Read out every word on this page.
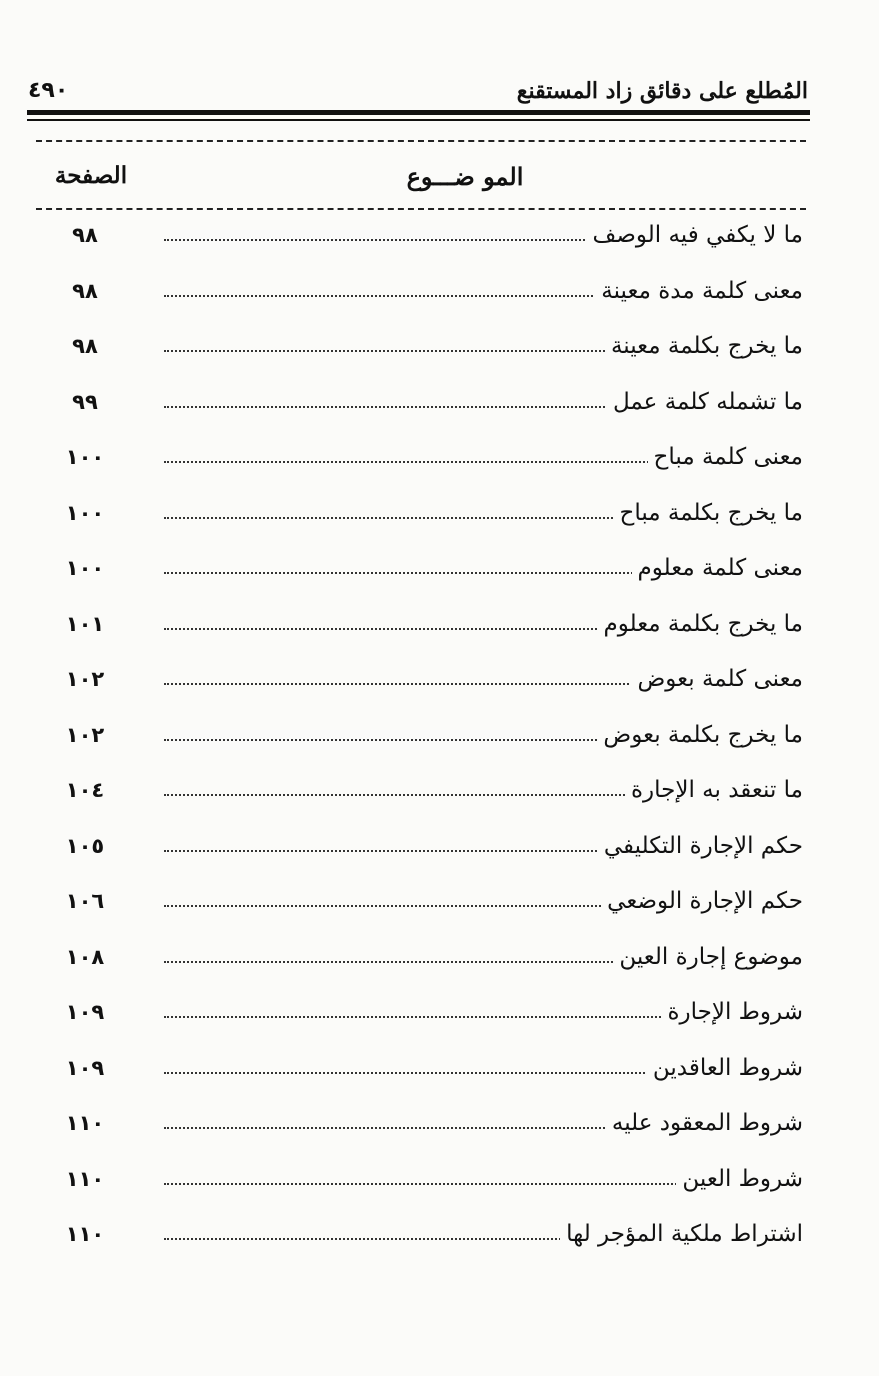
المُطلع على دقائق زاد المستقنع
٤٩٠
المو ضـــوع
الصفحة
ما لا يكفي فيه الوصف
٩٨
معنى كلمة مدة معينة
٩٨
ما يخرج بكلمة معينة
٩٨
ما تشمله كلمة عمل
٩٩
معنى كلمة مباح
١٠٠
ما يخرج بكلمة مباح
١٠٠
معنى كلمة معلوم
١٠٠
ما يخرج بكلمة معلوم
١٠١
معنى كلمة بعوض
١٠٢
ما يخرج بكلمة بعوض
١٠٢
ما تنعقد به الإجارة
١٠٤
حكم الإجارة التكليفي
١٠٥
حكم الإجارة الوضعي
١٠٦
موضوع إجارة العين
١٠٨
شروط الإجارة
١٠٩
شروط العاقدين
١٠٩
شروط المعقود عليه
١١٠
شروط العين
١١٠
اشتراط ملكية المؤجر لها
١١٠
